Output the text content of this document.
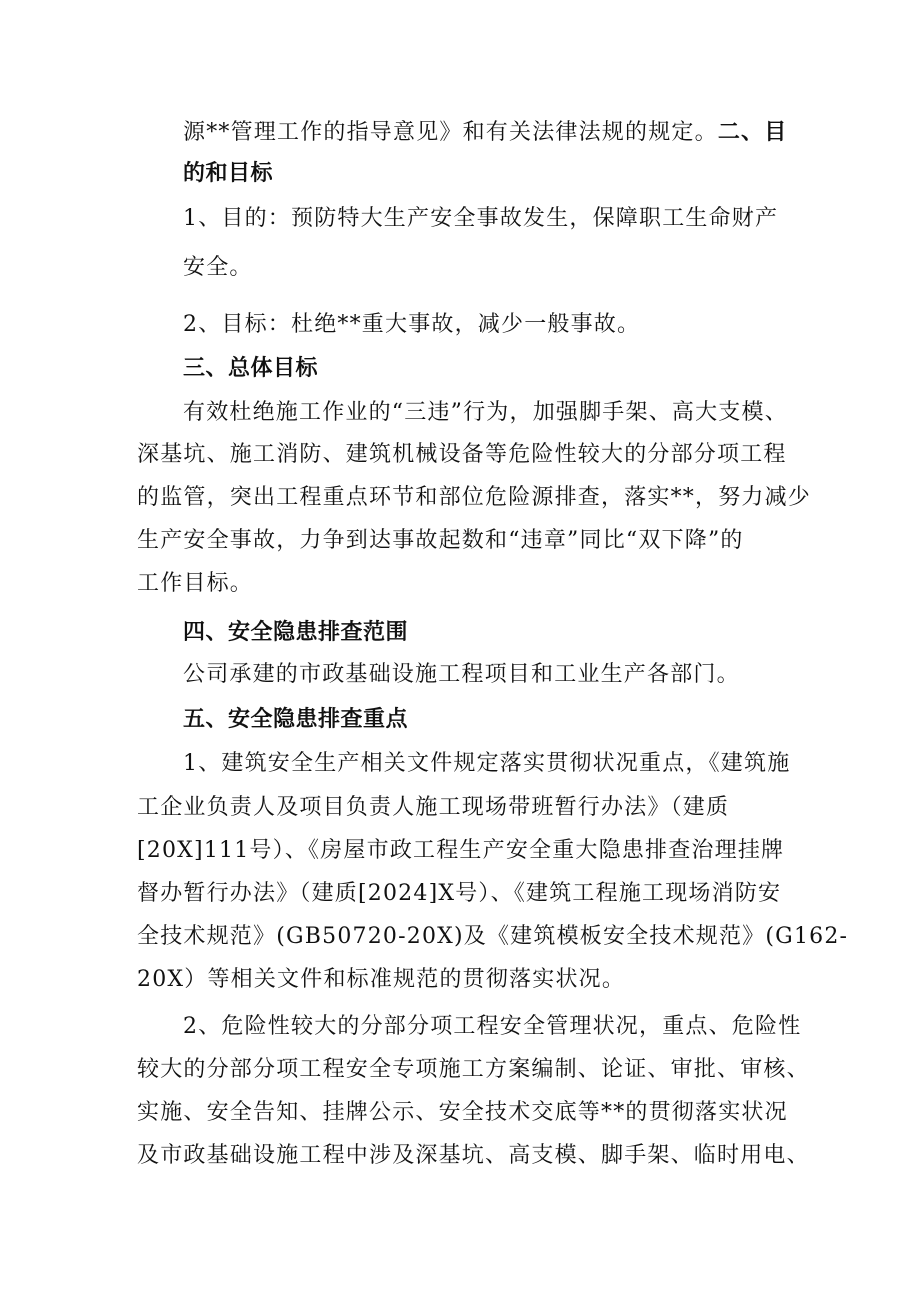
源**管理工作的指导意见》和有关法律法规的规定。二、目
的和目标
1、目的：预防特大生产安全事故发生，保障职工生命财产
安全。
2、目标：杜绝**重大事故，减少一般事故。
三、总体目标
有效杜绝施工作业的“三违”行为，加强脚手架、高大支模、
深基坑、施工消防、建筑机械设备等危险性较大的分部分项工程
的监管，突出工程重点环节和部位危险源排查，落实**，努力减少
生产安全事故，力争到达事故起数和“违章”同比“双下降”的
工作目标。
四、安全隐患排查范围
公司承建的市政基础设施工程项目和工业生产各部门。
五、安全隐患排查重点
1、建筑安全生产相关文件规定落实贯彻状况重点，《建筑施
工企业负责人及项目负责人施工现场带班暂行办法》（建质
[20X]111号）、《房屋市政工程生产安全重大隐患排查治理挂牌
督办暂行办法》（建质[2024]X号）、《建筑工程施工现场消防安
全技术规范》(GB50720-20X)及《建筑模板安全技术规范》(G162-
20X）等相关文件和标准规范的贯彻落实状况。
2、危险性较大的分部分项工程安全管理状况，重点、危险性
较大的分部分项工程安全专项施工方案编制、论证、审批、审核、
实施、安全告知、挂牌公示、安全技术交底等**的贯彻落实状况
及市政基础设施工程中涉及深基坑、高支模、脚手架、临时用电、
